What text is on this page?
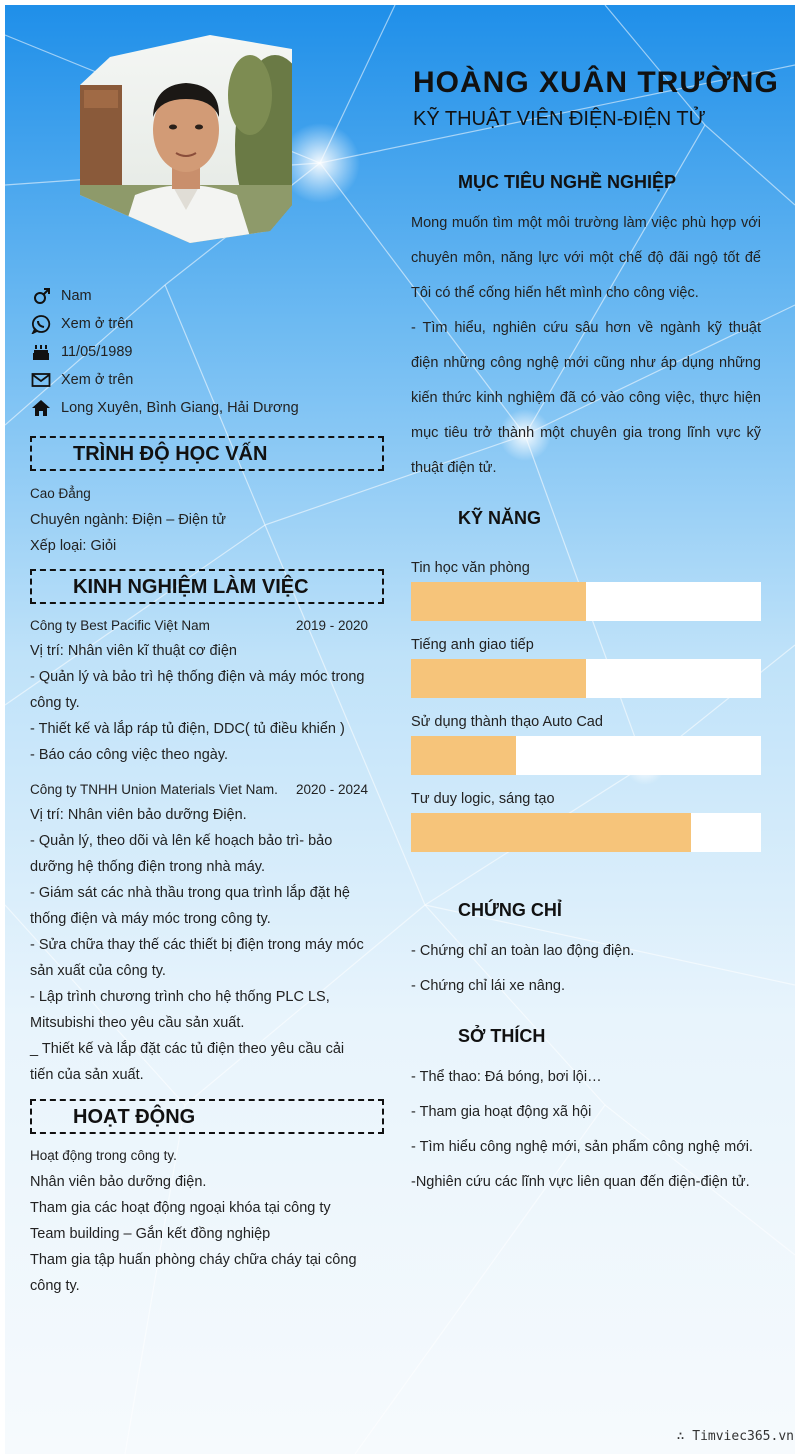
HOÀNG XUÂN TRƯỜNG
KỸ THUẬT VIÊN ĐIỆN-ĐIỆN TỬ
Nam
Xem ở trên
11/05/1989
Xem ở trên
Long Xuyên, Bình Giang, Hải Dương
TRÌNH ĐỘ HỌC VẤN
Cao Đẳng
Chuyên ngành: Điện – Điện tử
Xếp loại: Giỏi
KINH NGHIỆM LÀM VIỆC
Công ty Best Pacific Việt Nam	2019 - 2020
Vị trí: Nhân viên kĩ thuật cơ điện
- Quản lý và bảo trì hệ thống điện và máy móc trong công ty.
- Thiết kế và lắp ráp tủ điện, DDC( tủ điều khiển )
- Báo cáo công việc theo ngày.
Công ty TNHH Union Materials Viet Nam.	2020 - 2024
Vị trí: Nhân viên bảo dưỡng Điện.
- Quản lý, theo dõi và lên kế hoạch bảo trì- bảo dưỡng hệ thống điện trong nhà máy.
- Giám sát các nhà thầu trong qua trình lắp đặt hệ thống điện và máy móc trong công ty.
- Sửa chữa thay thế các thiết bị điện trong máy móc sản xuất của công ty.
- Lập trình chương trình cho hệ thống PLC LS, Mitsubishi theo yêu cầu sản xuất.
_ Thiết kế và lắp đặt các tủ điện theo yêu cầu cải tiến của sản xuất.
HOẠT ĐỘNG
Hoạt động trong công ty.
Nhân viên bảo dưỡng điện.
Tham gia các hoạt động ngoại khóa tại công ty
Team building – Gắn kết đồng nghiệp
Tham gia tập huấn phòng cháy chữa cháy tại công công ty.
MỤC TIÊU NGHỀ NGHIỆP

Mong muốn tìm một môi trường làm việc phù hợp với chuyên môn, năng lực với một chế độ đãi ngộ tốt để Tôi có thể cống hiến hết mình cho công việc.

- Tìm hiểu, nghiên cứu sâu hơn về ngành kỹ thuật điện những công nghệ mới cũng như áp dụng những kiến thức kinh nghiệm đã có vào công việc, thực hiện mục tiêu trở thành một chuyên gia trong lĩnh vực kỹ thuật điện tử.

KỸ NĂNG
Tin học văn phòng
Tiếng anh giao tiếp
Sử dụng thành thạo Auto Cad
Tư duy logic, sáng tạo
CHỨNG CHỈ
- Chứng chỉ an toàn lao động điện.
- Chứng chỉ lái xe nâng.
SỞ THÍCH
- Thể thao: Đá bóng, bơi lội…
- Tham gia hoạt động xã hội
- Tìm hiểu công nghệ mới, sản phẩm công nghệ mới.
-Nghiên cứu các lĩnh vực liên quan đến điện-điện tử.
∴ Timviec365.vn
